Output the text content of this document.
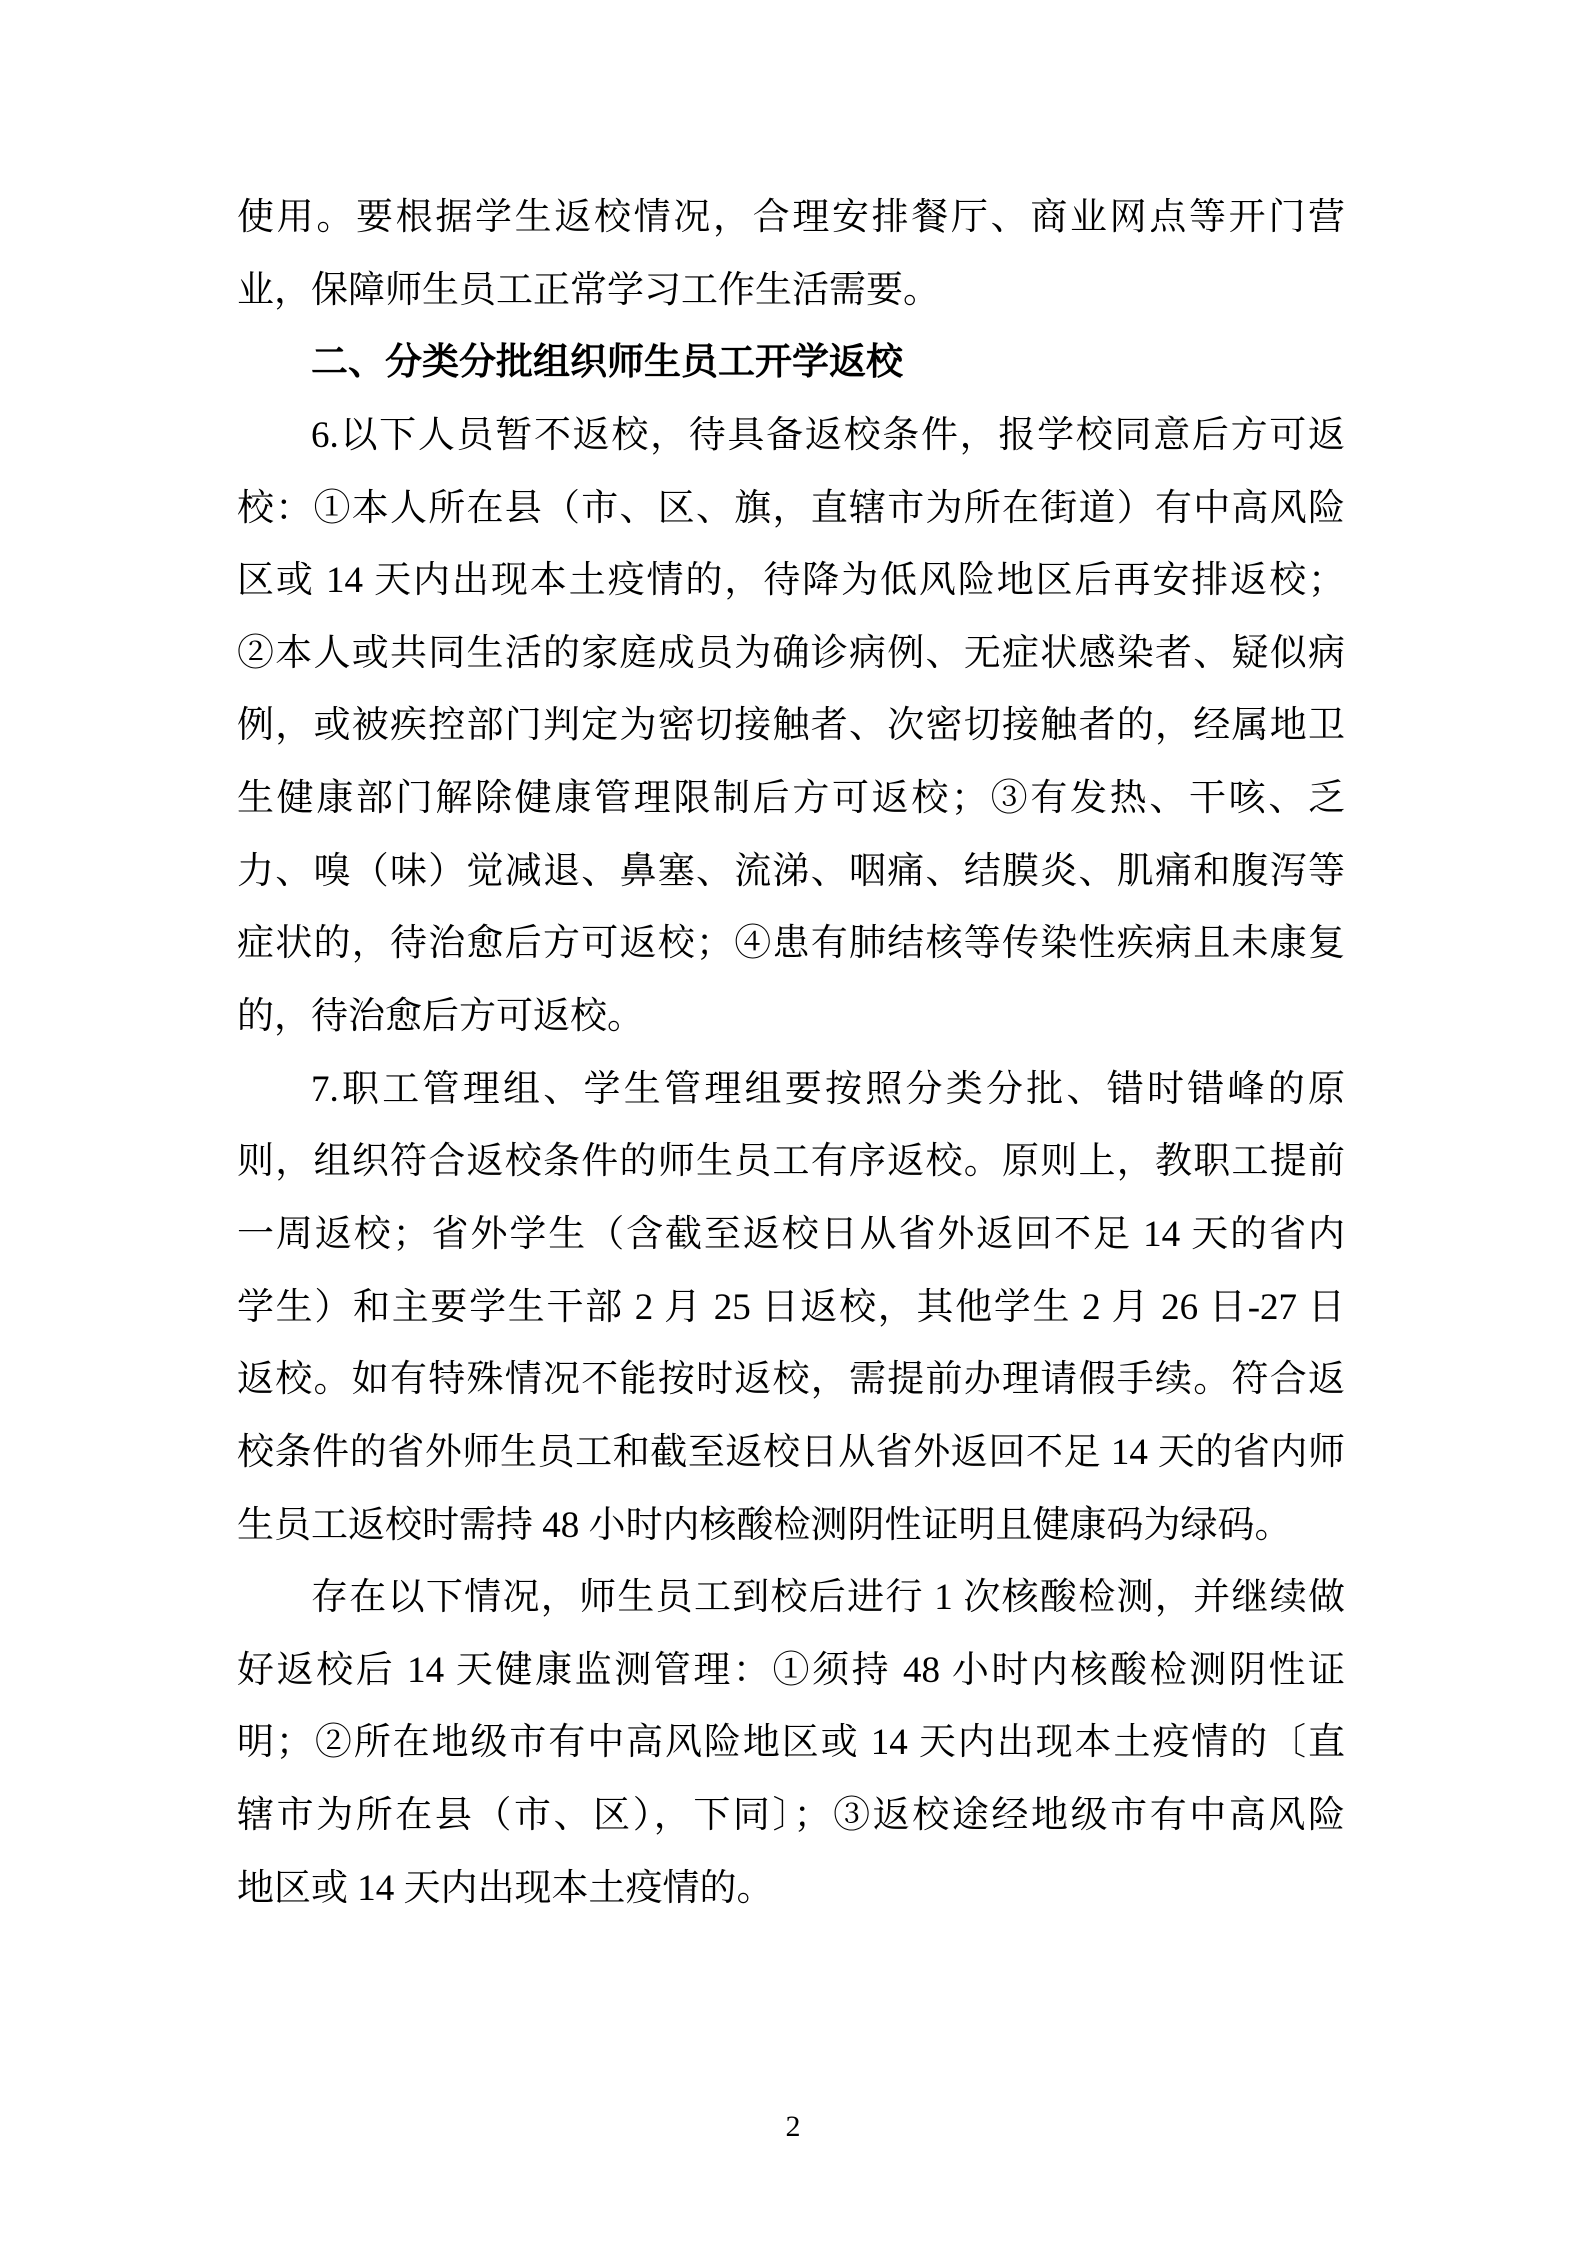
使用。要根据学生返校情况，合理安排餐厅、商业网点等开门营
业，保障师生员工正常学习工作生活需要。
二、分类分批组织师生员工开学返校
6.以下人员暂不返校，待具备返校条件，报学校同意后方可返
校：①本人所在县（市、区、旗，直辖市为所在街道）有中高风险
区或 14 天内出现本土疫情的，待降为低风险地区后再安排返校；
②本人或共同生活的家庭成员为确诊病例、无症状感染者、疑似病
例，或被疾控部门判定为密切接触者、次密切接触者的，经属地卫
生健康部门解除健康管理限制后方可返校；③有发热、干咳、乏
力、嗅（味）觉减退、鼻塞、流涕、咽痛、结膜炎、肌痛和腹泻等
症状的，待治愈后方可返校；④患有肺结核等传染性疾病且未康复
的，待治愈后方可返校。
7.职工管理组、学生管理组要按照分类分批、错时错峰的原
则，组织符合返校条件的师生员工有序返校。原则上，教职工提前
一周返校；省外学生（含截至返校日从省外返回不足 14 天的省内
学生）和主要学生干部 2 月 25 日返校，其他学生 2 月 26 日-27 日
返校。如有特殊情况不能按时返校，需提前办理请假手续。符合返
校条件的省外师生员工和截至返校日从省外返回不足 14 天的省内师
生员工返校时需持 48 小时内核酸检测阴性证明且健康码为绿码。
存在以下情况，师生员工到校后进行 1 次核酸检测，并继续做
好返校后 14 天健康监测管理：①须持 48 小时内核酸检测阴性证
明；②所在地级市有中高风险地区或 14 天内出现本土疫情的〔直
辖市为所在县（市、区），下同〕；③返校途经地级市有中高风险
地区或 14 天内出现本土疫情的。
2
